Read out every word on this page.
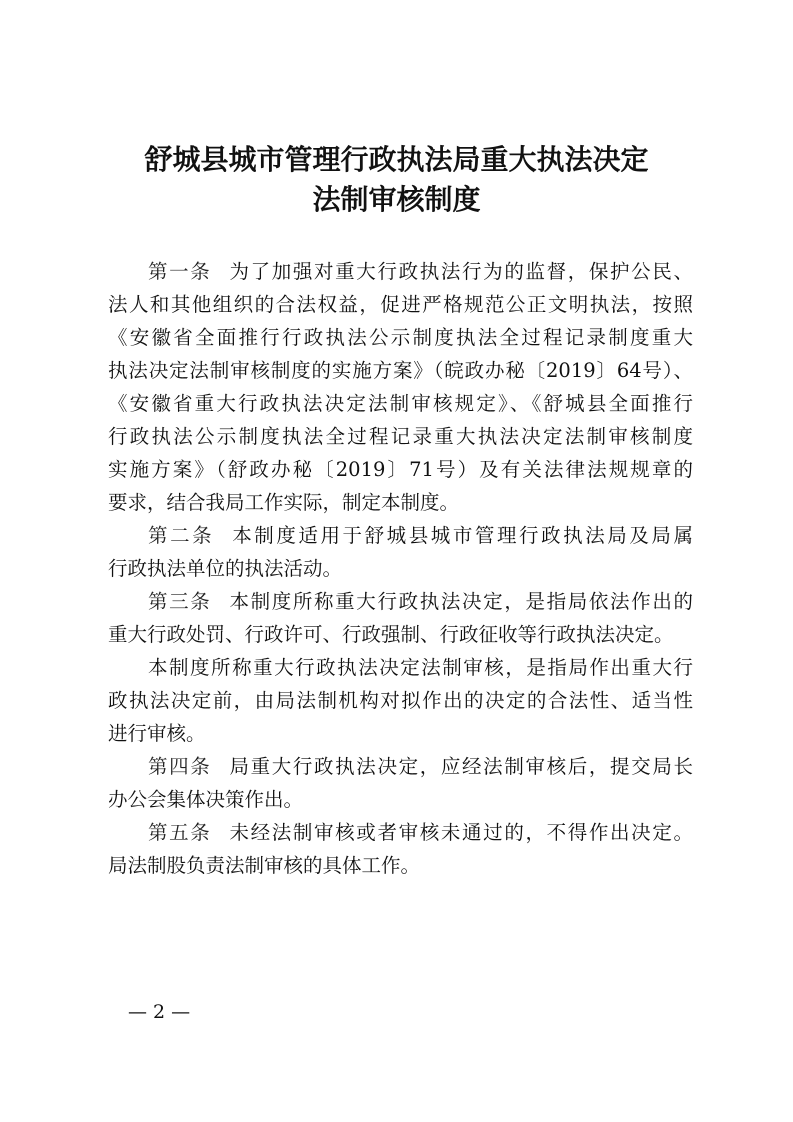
舒城县城市管理行政执法局重大执法决定
法制审核制度
第一条 为了加强对重大行政执法行为的监督，保护公民、
法人和其他组织的合法权益，促进严格规范公正文明执法，按照
《安徽省全面推行行政执法公示制度执法全过程记录制度重大
执法决定法制审核制度的实施方案》（皖政办秘〔2019〕64号）、
《安徽省重大行政执法决定法制审核规定》、《舒城县全面推行
行政执法公示制度执法全过程记录重大执法决定法制审核制度
实施方案》（舒政办秘〔2019〕71号）及有关法律法规规章的
要求，结合我局工作实际，制定本制度。
第二条 本制度适用于舒城县城市管理行政执法局及局属
行政执法单位的执法活动。
第三条 本制度所称重大行政执法决定，是指局依法作出的
重大行政处罚、行政许可、行政强制、行政征收等行政执法决定。
本制度所称重大行政执法决定法制审核，是指局作出重大行
政执法决定前，由局法制机构对拟作出的决定的合法性、适当性
进行审核。
第四条 局重大行政执法决定，应经法制审核后，提交局长
办公会集体决策作出。
第五条 未经法制审核或者审核未通过的，不得作出决定。
局法制股负责法制审核的具体工作。
— 2 —
